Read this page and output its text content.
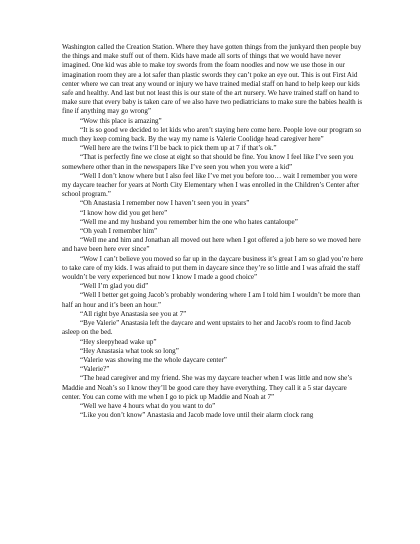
Washington called the Creation Station. Where they have gotten things from the junkyard then people buy the things and make stuff out of them. Kids have made all sorts of things that we would have never imagined. One kid was able to make toy swords from the foam noodles and now we use those in our imagination room they are a lot safer than plastic swords they can’t poke an eye out. This is out First Aid center where we can treat any wound or injury we have trained medial staff on hand to help keep our kids safe and healthy. And last but not least this is our state of the art nursery. We have trained staff on hand to make sure that every baby is taken care of we also have two pediatricians to make sure the babies health is fine if anything may go wrong”

“Wow this place is amazing”

“It is so good we decided to let kids who aren’t staying here come here. People love our program so much they keep coming back. By the way my name is Valerie Coolidge head caregiver here”

“Well here are the twins I’ll be back to pick them up at 7 if that’s ok.”

“That is perfectly fine we close at eight so that should be fine. You know I feel like I’ve seen you somewhere other than in the newspapers like I’ve seen you when you were a kid”

“Well I don’t know where but I also feel like I’ve met you before too… wait I remember you were my daycare teacher for years at North City Elementary when I was enrolled in the Children’s Center after school program.”

“Oh Anastasia I remember now I haven’t seen you in years”

“I know how did you get here”

“Well me and my husband you remember him the one who hates cantaloupe”

“Oh yeah I remember him”

“Well me and him and Jonathan all moved out here when I got offered a job here so we moved here and have been here ever since”

“Wow I can’t believe you moved so far up in the daycare business it’s great I am so glad you’re here to take care of my kids. I was afraid to put them in daycare since they’re so little and I was afraid the staff wouldn’t be very experienced but now I know I made a good choice”

“Well I’m glad you did”

“Well I better get going Jacob’s probably wondering where I am I told him I wouldn’t be more than half an hour and it’s been an hour.”

“All right bye Anastasia see you at 7”

“Bye Valerie” Anastasia left the daycare and went upstairs to her and Jacob's room to find Jacob asleep on the bed.

“Hey sleepyhead wake up”

“Hey Anastasia what took so long”

“Valerie was showing me the whole daycare center”

“Valerie?”

“The head caregiver and my friend. She was my daycare teacher when I was little and now she’s Maddie and Noah’s so I know they’ll be good care they have everything. They call it a 5 star daycare center. You can come with me when I go to pick up Maddie and Noah at 7”

“Well we have 4 hours what do you want to do”

“Like you don’t know” Anastasia and Jacob made love until their alarm clock rang
